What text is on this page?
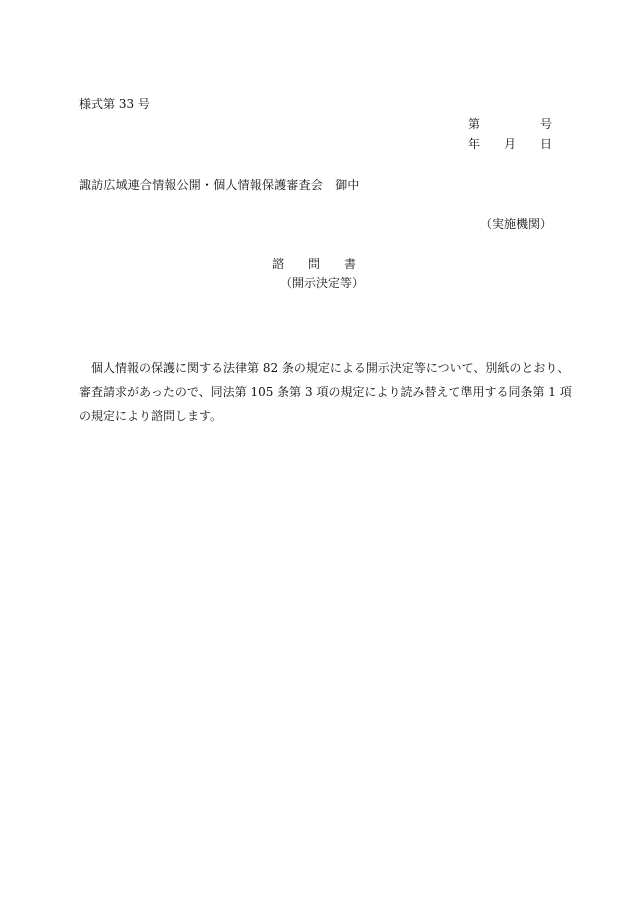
様式第 33 号
第	号
年 月 日
諏訪広域連合情報公開・個人情報保護審査会　御中
（実施機関）
諮 問 書
（開示決定等）
個人情報の保護に関する法律第 82 条の規定による開示決定等について、別紙のとおり、
審査請求があったので、同法第 105 条第 3 項の規定により読み替えて準用する同条第 1 項
の規定により諮問します。
